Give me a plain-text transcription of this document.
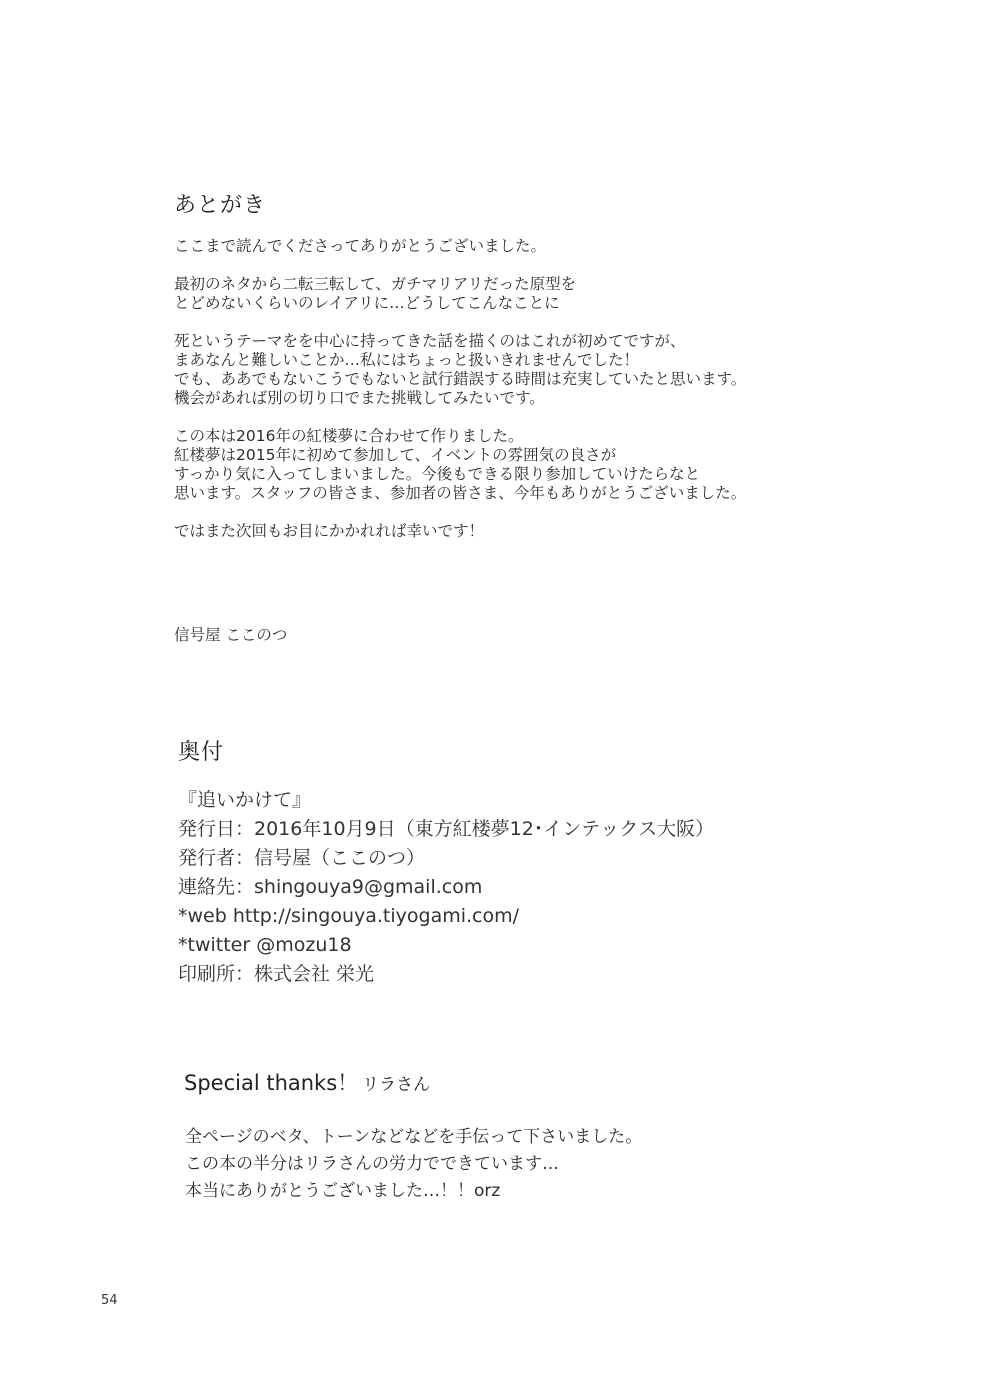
あとがき
ここまで読んでくださってありがとうございました。
最初のネタから二転三転して、ガチマリアリだった原型を
とどめないくらいのレイアリに…どうしてこんなことに
死というテーマをを中心に持ってきた話を描くのはこれが初めてですが、
まあなんと難しいことか…私にはちょっと扱いきれませんでした！
でも、ああでもないこうでもないと試行錯誤する時間は充実していたと思います。
機会があれば別の切り口でまた挑戦してみたいです。
この本は2016年の紅楼夢に合わせて作りました。
紅楼夢は2015年に初めて参加して、イベントの雰囲気の良さが
すっかり気に入ってしまいました。今後もできる限り参加していけたらなと
思います。スタッフの皆さま、参加者の皆さま、今年もありがとうございました。
ではまた次回もお目にかかれれば幸いです！
信号屋 ここのつ
奥付
『追いかけて』
発行日：2016年10月9日（東方紅楼夢12･インテックス大阪）
発行者：信号屋（ここのつ）
連絡先：shingouya9@gmail.com
*web http://singouya.tiyogami.com/
*twitter @mozu18
印刷所：株式会社 栄光
Special thanks！ リラさん
全ページのベタ、トーンなどなどを手伝って下さいました。
この本の半分はリラさんの労力でできています…
本当にありがとうございました…！！orz
54
